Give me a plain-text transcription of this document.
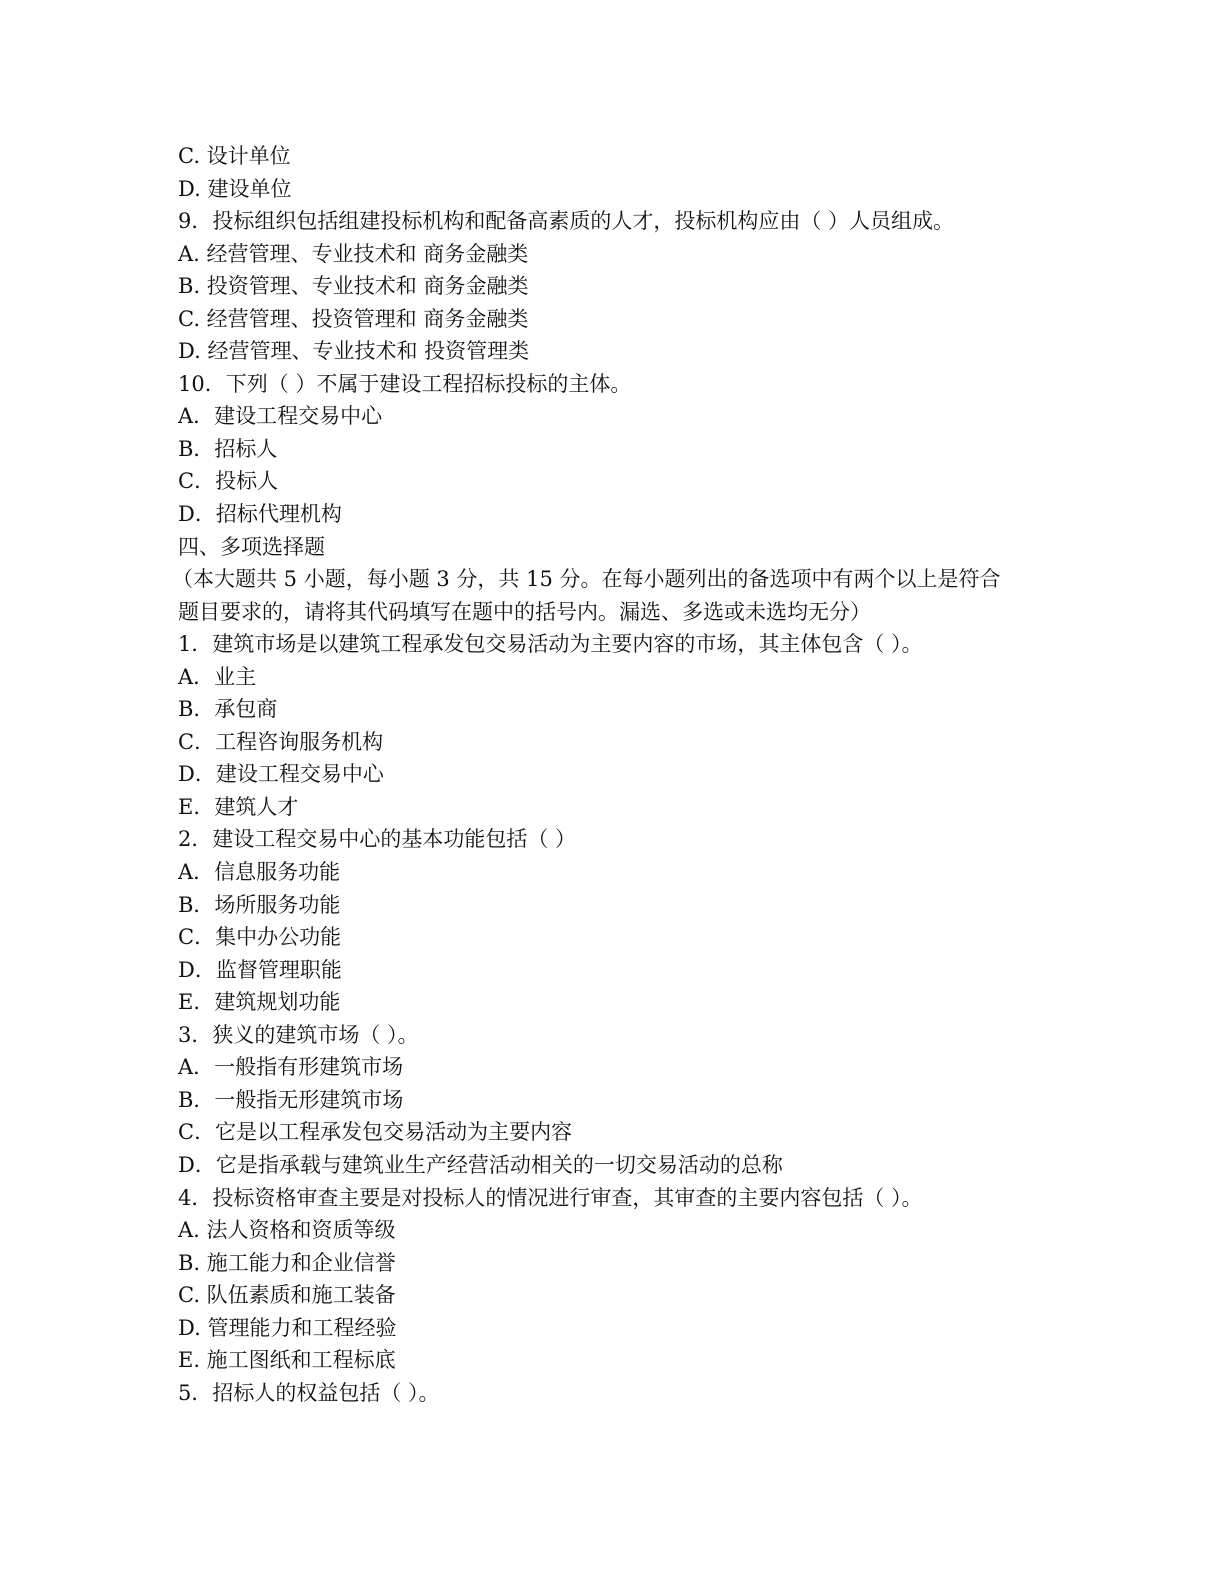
C. 设计单位

D. 建设单位

9．投标组织包括组建投标机构和配备高素质的人才，投标机构应由（ ）人员组成。

A. 经营管理、专业技术和 商务金融类

B. 投资管理、专业技术和 商务金融类

C. 经营管理、投资管理和 商务金融类

D. 经营管理、专业技术和 投资管理类

10．下列（ ）不属于建设工程招标投标的主体。

A．建设工程交易中心

B．招标人

C．投标人

D．招标代理机构

四、多项选择题

（本大题共 5 小题，每小题 3 分，共 15 分。在每小题列出的备选项中有两个以上是符合

题目要求的，请将其代码填写在题中的括号内。漏选、多选或未选均无分）

1．建筑市场是以建筑工程承发包交易活动为主要内容的市场，其主体包含（ ）。

A．业主

B．承包商

C．工程咨询服务机构

D．建设工程交易中心

E．建筑人才

2．建设工程交易中心的基本功能包括（ ）

A．信息服务功能

B．场所服务功能

C．集中办公功能

D．监督管理职能

E．建筑规划功能

3．狭义的建筑市场（ ）。

A．一般指有形建筑市场

B．一般指无形建筑市场

C．它是以工程承发包交易活动为主要内容

D．它是指承载与建筑业生产经营活动相关的一切交易活动的总称

4．投标资格审查主要是对投标人的情况进行审查，其审查的主要内容包括（ ）。

A. 法人资格和资质等级

B. 施工能力和企业信誉

C. 队伍素质和施工装备

D. 管理能力和工程经验

E. 施工图纸和工程标底

5．招标人的权益包括（ ）。
